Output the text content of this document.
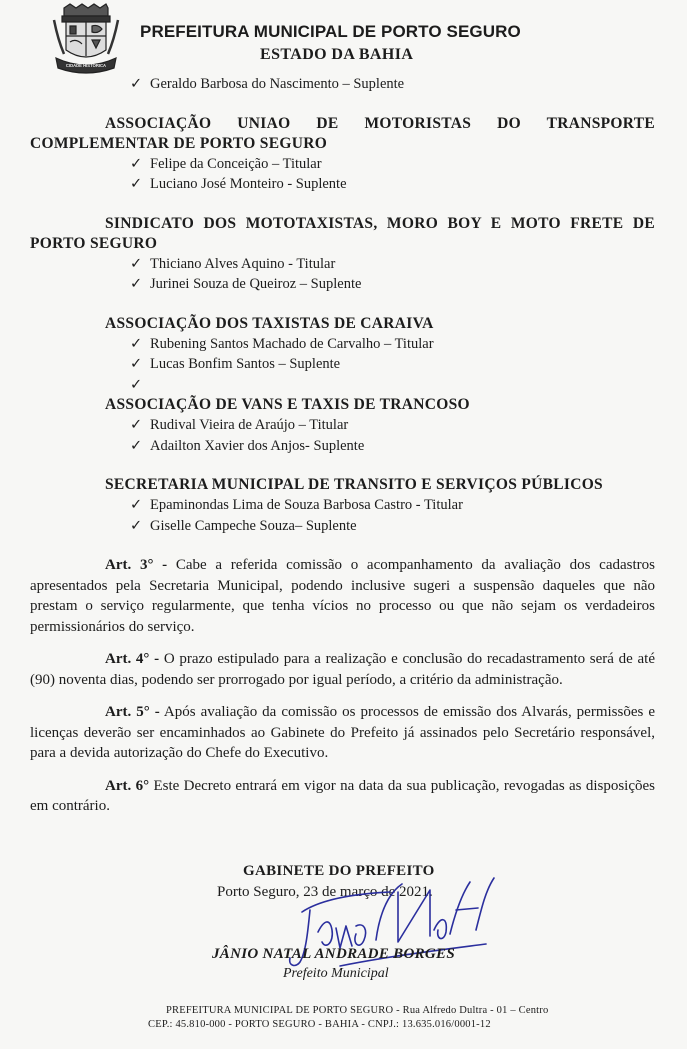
CIDADE HISTORICA
PREFEITURA MUNICIPAL DE PORTO SEGURO
ESTADO DA BAHIA
✓ Geraldo Barbosa do Nascimento – Suplente
ASSOCIAÇÃO UNIAO DE MOTORISTAS DO TRANSPORTE COMPLEMENTAR DE PORTO SEGURO
✓ Felipe da Conceição – Titular
✓ Luciano José Monteiro - Suplente
SINDICATO DOS MOTOTAXISTAS, MORO BOY E MOTO FRETE DE PORTO SEGURO
✓ Thiciano Alves Aquino - Titular
✓ Jurinei Souza de Queiroz – Suplente
ASSOCIAÇÃO DOS TAXISTAS DE CARAIVA
✓ Rubening Santos Machado de Carvalho – Titular
✓ Lucas Bonfim Santos – Suplente
✓

ASSOCIAÇÃO DE VANS E TAXIS DE TRANCOSO
✓ Rudival Vieira de Araújo – Titular
✓ Adailton Xavier dos Anjos- Suplente
SECRETARIA MUNICIPAL DE TRANSITO E SERVIÇOS PÚBLICOS
✓ Epaminondas Lima de Souza Barbosa Castro - Titular
✓ Giselle Campeche Souza– Suplente

Art. 3° - Cabe a referida comissão o acompanhamento da avaliação dos cadastros apresentados pela Secretaria Municipal, podendo inclusive sugeri a suspensão daqueles que não prestam o serviço regularmente, que tenha vícios no processo ou que não sejam os verdadeiros permissionários do serviço.

Art. 4° - O prazo estipulado para a realização e conclusão do recadastramento será de até (90) noventa dias, podendo ser prorrogado por igual período, a critério da administração.

Art. 5° - Após avaliação da comissão os processos de emissão dos Alvarás, permissões e licenças deverão ser encaminhados ao Gabinete do Prefeito já assinados pelo Secretário responsável, para a devida autorização do Chefe do Executivo.

Art. 6° Este Decreto entrará em vigor na data da sua publicação, revogadas as disposições em contrário.

GABINETE DO PREFEITO
Porto Seguro, 23 de março de 2021.
JÂNIO NATAL ANDRADE BORGES
Prefeito Municipal
PREFEITURA MUNICIPAL DE PORTO SEGURO - Rua Alfredo Dultra - 01 – Centro
CEP.: 45.810-000 - PORTO SEGURO - BAHIA - CNPJ.: 13.635.016/0001-12
